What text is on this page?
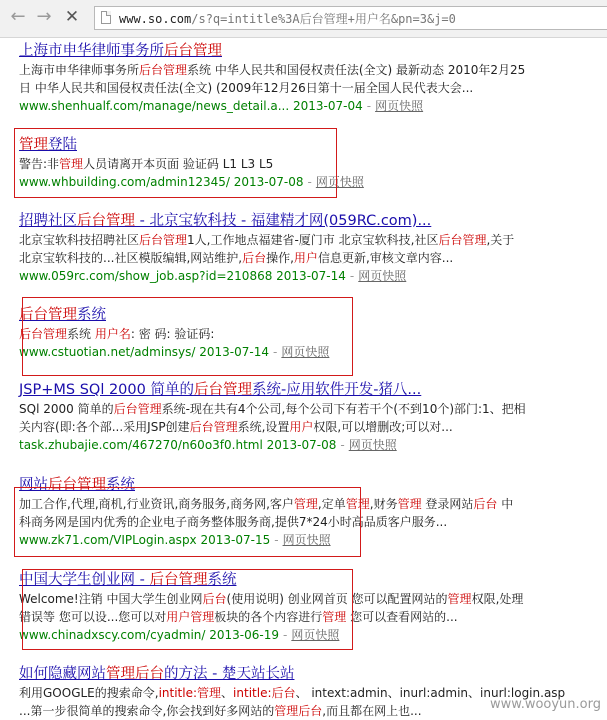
← → ✕	www.so.com/s?q=intitle%3A后台管理+用户名&pn=3&j=0
上海市申华律师事务所后台管理
上海市申华律师事务所后台管理系统 中华人民共和国侵权责任法(全文) 最新动态 2010年2月25
日 中华人民共和国侵权责任法(全文) (2009年12月26日第十一届全国人民代表大会...
www.shenhualf.com/manage/news_detail.a... 2013-07-04 - 网页快照
管理登陆
警告:非管理人员请离开本页面 验证码 L1 L3 L5
www.whbuilding.com/admin12345/ 2013-07-08 - 网页快照
招聘社区后台管理 - 北京宝软科技 - 福建精才网(059RC.com)...
北京宝软科技招聘社区后台管理1人,工作地点福建省-厦门市 北京宝软科技,社区后台管理,关于
北京宝软科技的...社区模版编辑,网站维护,后台操作,用户信息更新,审核文章内容...
www.059rc.com/show_job.asp?id=210868 2013-07-14 - 网页快照
后台管理系统
后台管理系统 用户名: 密 码: 验证码:
www.cstuotian.net/adminsys/ 2013-07-14 - 网页快照
JSP+MS SQl 2000 简单的后台管理系统-应用软件开发-猪八...
SQl 2000 简单的后台管理系统-现在共有4个公司,每个公司下有若干个(不到10个)部门:1、把相
关内容(即:各个部...采用JSP创建后台管理系统,设置用户权限,可以增删改;可以对...
task.zhubajie.com/467270/n60o3f0.html 2013-07-08 - 网页快照
网站后台管理系统
加工合作,代理,商机,行业资讯,商务服务,商务网,客户管理,定单管理,财务管理 登录网站后台 中
科商务网是国内优秀的企业电子商务整体服务商,提供7*24小时高品质客户服务...
www.zk71.com/VIPLogin.aspx 2013-07-15 - 网页快照
中国大学生创业网 - 后台管理系统
Welcome!注销 中国大学生创业网后台(使用说明) 创业网首页 您可以配置网站的管理权限,处理
错误等 您可以设...您可以对用户管理板块的各个内容进行管理 您可以查看网站的...
www.chinadxscy.com/cyadmin/ 2013-06-19 - 网页快照
如何隐藏网站管理后台的方法 - 楚天站长站
利用GOOGLE的搜索命令,intitle:管理、intitle:后台、 intext:admin、inurl:admin、inurl:login.asp
...第一步很简单的搜索命令,你会找到好多网站的管理后台,而且都在网上也...	www.wooyun.org
